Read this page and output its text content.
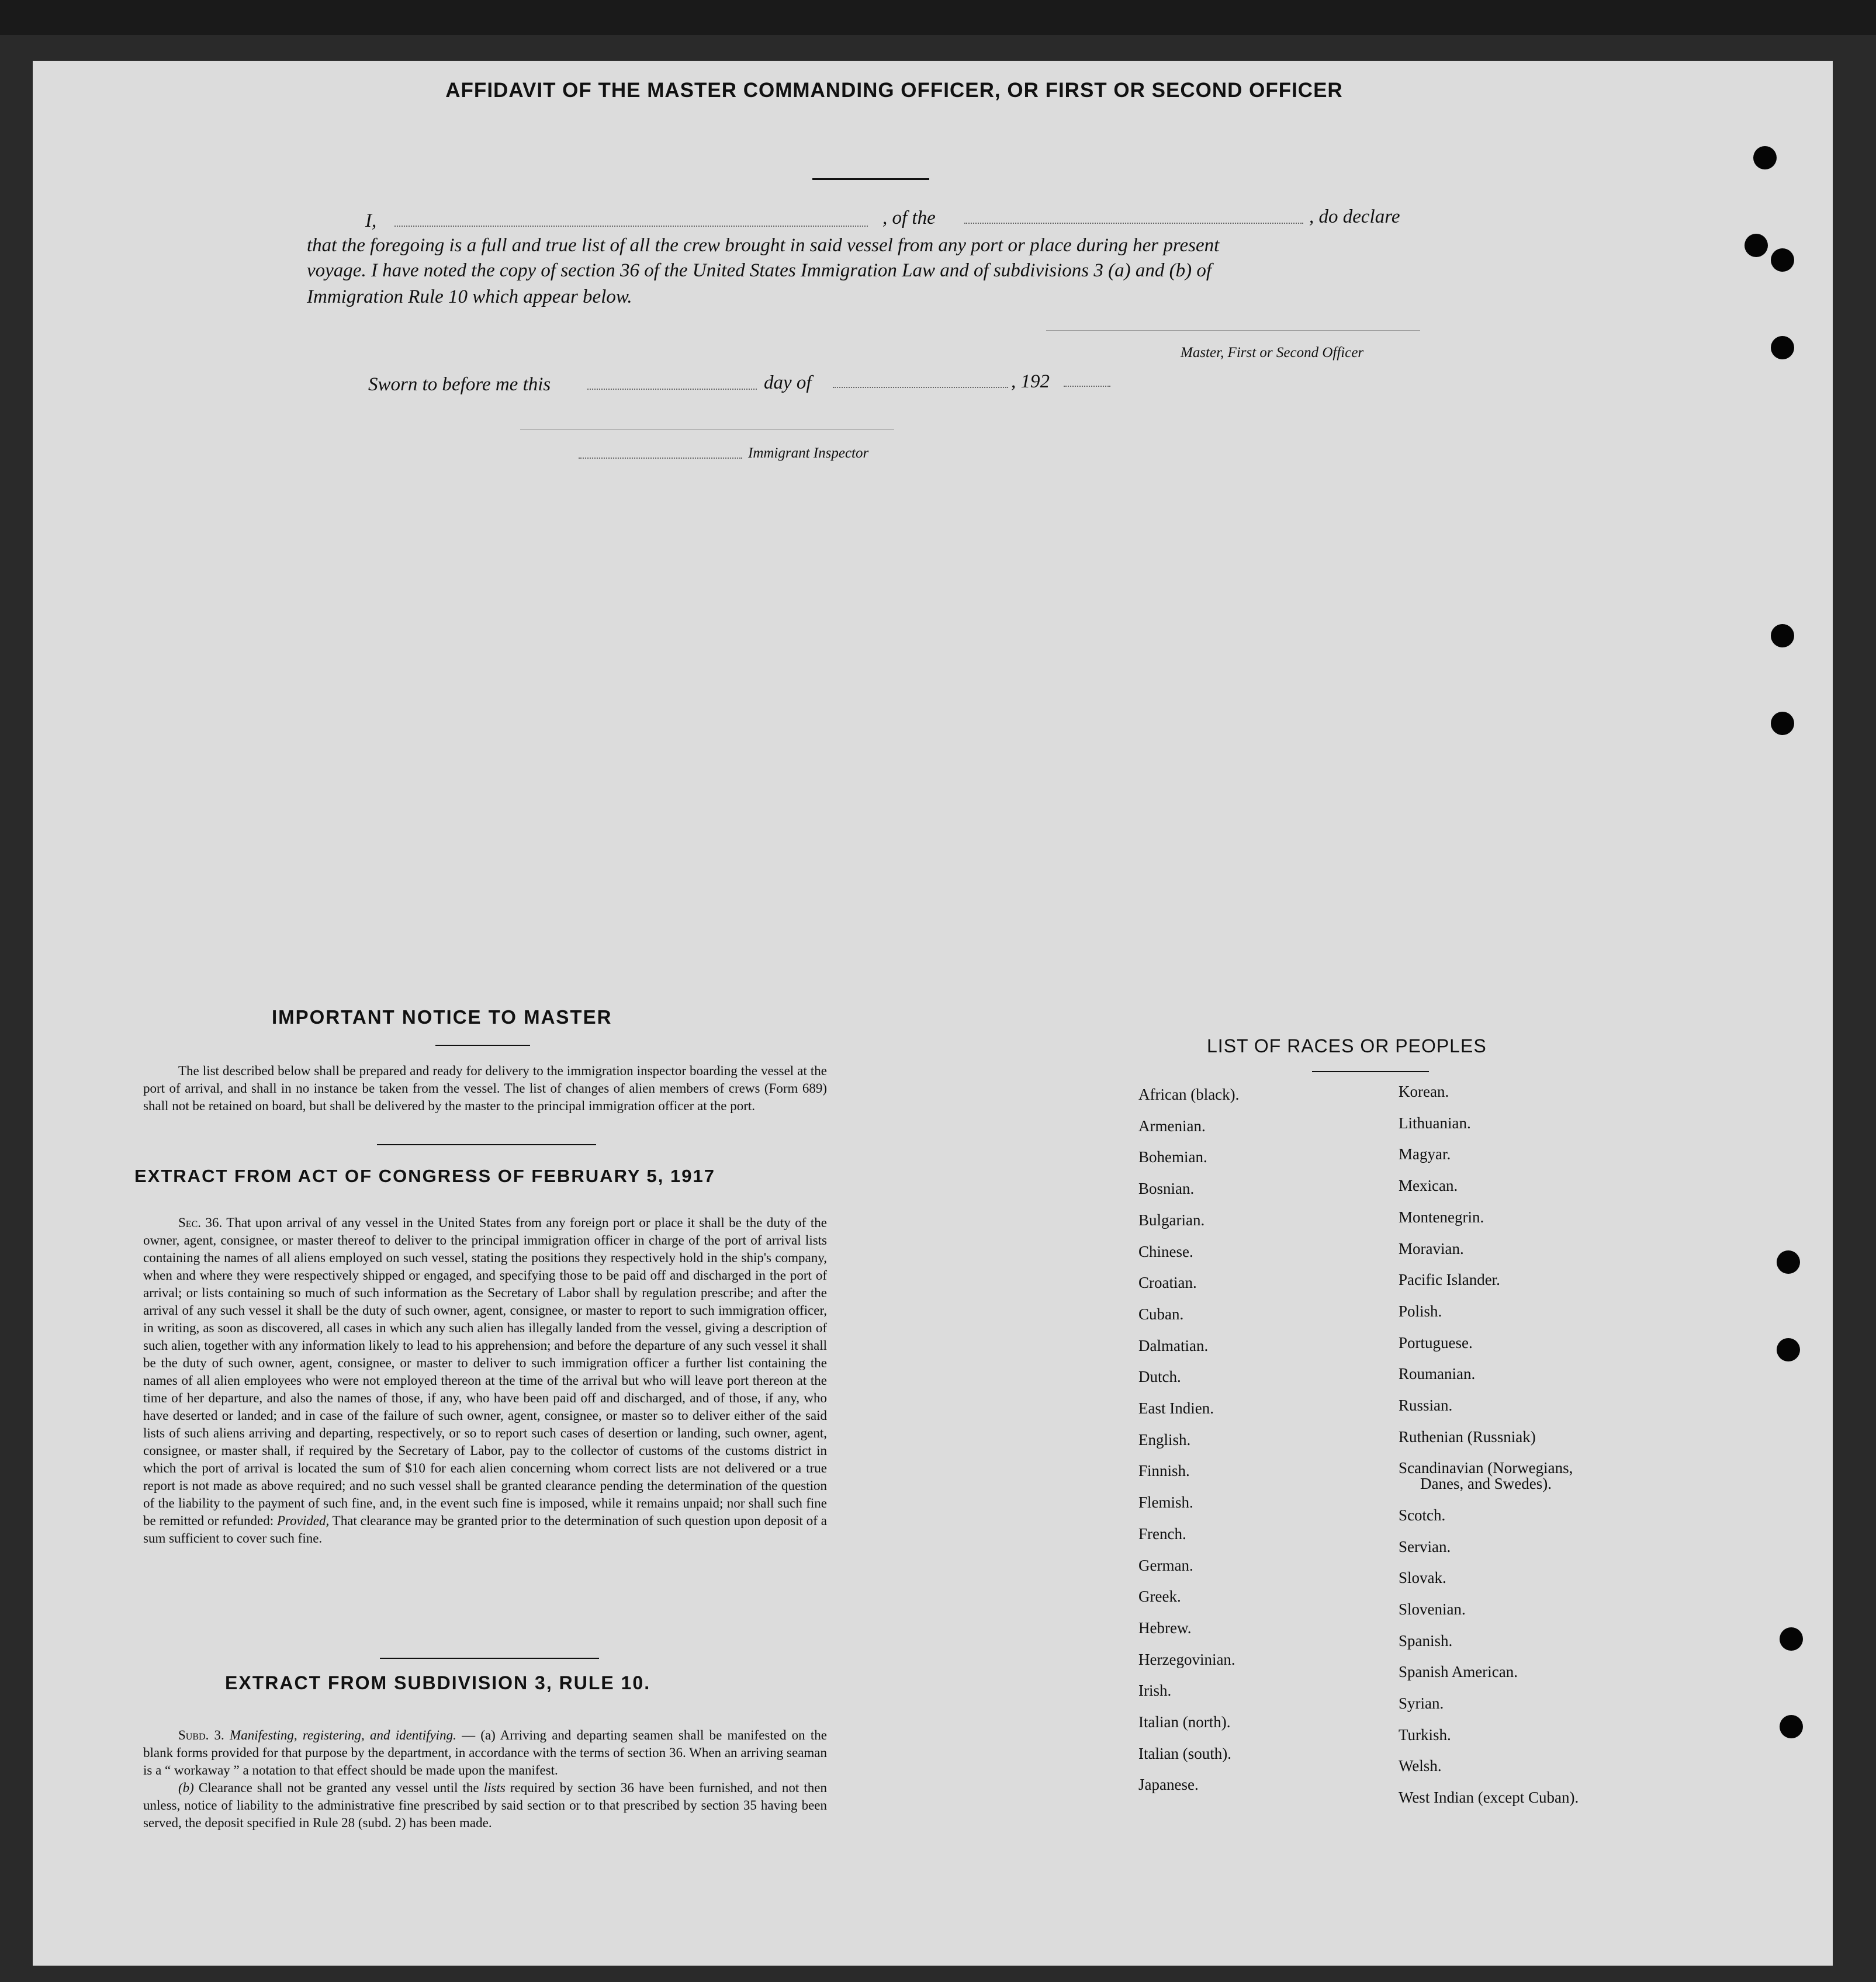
AFFIDAVIT OF THE MASTER COMMANDING OFFICER, OR FIRST OR SECOND OFFICER
I,	, of the	, do declare
that the foregoing is a full and true list of all the crew brought in said vessel from any port or place during her present
voyage. I have noted the copy of section 36 of the United States Immigration Law and of subdivisions 3 (a) and (b) of
Immigration Rule 10 which appear below.
Master, First or Second Officer
Sworn to before me this	day of	, 192
Immigrant Inspector
IMPORTANT NOTICE TO MASTER

The list described below shall be prepared and ready for delivery to the immigration inspector boarding the vessel at the port of arrival, and shall in no instance be taken from the vessel. The list of changes of alien members of crews (Form 689) shall not be retained on board, but shall be delivered by the master to the principal immigration officer at the port.

EXTRACT FROM ACT OF CONGRESS OF FEBRUARY 5, 1917

Sec. 36. That upon arrival of any vessel in the United States from any foreign port or place it shall be the duty of the owner, agent, consignee, or master thereof to deliver to the principal immigration officer in charge of the port of arrival lists containing the names of all aliens employed on such vessel, stating the positions they respectively hold in the ship's company, when and where they were respectively shipped or engaged, and specifying those to be paid off and discharged in the port of arrival; or lists containing so much of such information as the Secretary of Labor shall by regulation prescribe; and after the arrival of any such vessel it shall be the duty of such owner, agent, consignee, or master to report to such immigration officer, in writing, as soon as discovered, all cases in which any such alien has illegally landed from the vessel, giving a description of such alien, together with any information likely to lead to his apprehension; and before the departure of any such vessel it shall be the duty of such owner, agent, consignee, or master to deliver to such immigration officer a further list containing the names of all alien employees who were not employed thereon at the time of the arrival but who will leave port thereon at the time of her departure, and also the names of those, if any, who have been paid off and discharged, and of those, if any, who have deserted or landed; and in case of the failure of such owner, agent, consignee, or master so to deliver either of the said lists of such aliens arriving and departing, respectively, or so to report such cases of desertion or landing, such owner, agent, consignee, or master shall, if required by the Secretary of Labor, pay to the collector of customs of the customs district in which the port of arrival is located the sum of $10 for each alien concerning whom correct lists are not delivered or a true report is not made as above required; and no such vessel shall be granted clearance pending the determination of the question of the liability to the payment of such fine, and, in the event such fine is imposed, while it remains unpaid; nor shall such fine be remitted or refunded: Provided, That clearance may be granted prior to the determination of such question upon deposit of a sum sufficient to cover such fine.

EXTRACT FROM SUBDIVISION 3, RULE 10.

Subd. 3. Manifesting, registering, and identifying. — (a) Arriving and departing seamen shall be manifested on the blank forms provided for that purpose by the department, in accordance with the terms of section 36. When an arriving seaman is a “ workaway ” a notation to that effect should be made upon the manifest.

(b) Clearance shall not be granted any vessel until the lists required by section 36 have been furnished, and not then unless, notice of liability to the administrative fine prescribed by said section or to that prescribed by section 35 having been served, the deposit specified in Rule 28 (subd. 2) has been made.

LIST OF RACES OR PEOPLES
African (black).
Armenian.
Bohemian.
Bosnian.
Bulgarian.
Chinese.
Croatian.
Cuban.
Dalmatian.
Dutch.
East Indien.
English.
Finnish.
Flemish.
French.
German.
Greek.
Hebrew.
Herzegovinian.
Irish.
Italian (north).
Italian (south).
Japanese.
Korean.
Lithuanian.
Magyar.
Mexican.
Montenegrin.
Moravian.
Pacific Islander.
Polish.
Portuguese.
Roumanian.
Russian.
Ruthenian (Russniak)
Scandinavian (Norwegians,
Danes, and Swedes).
Scotch.
Servian.
Slovak.
Slovenian.
Spanish.
Spanish American.
Syrian.
Turkish.
Welsh.
West Indian (except Cuban).
